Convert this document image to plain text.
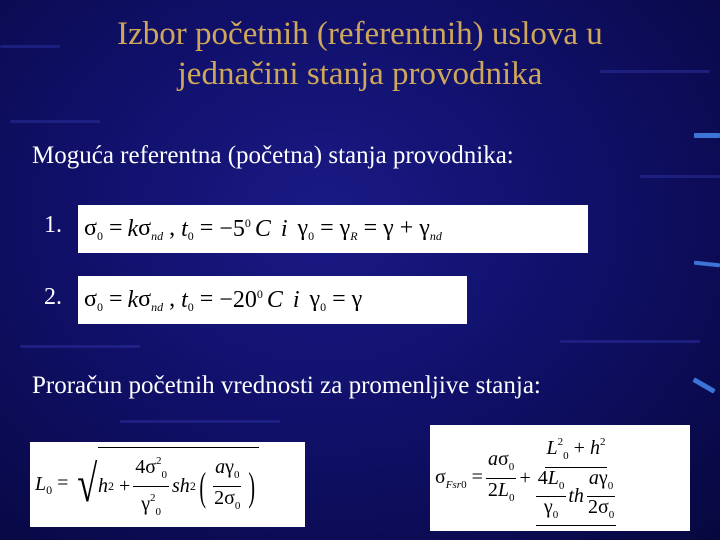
Izbor početnih (referentnih) uslova u
jednačini stanja provodnika
Moguća referentna (početna) stanja provodnika:
1. $\sigma_0 = k$ $\sigma_{nd}$ , t $_0$ = −5 $^0$ C i $\gamma_0 = \gamma_R = \gamma + \gamma_{nd}$
2. $\sigma_0 = k$ $\sigma_{nd}$ , t $_0$ = −20 $^0$ C i $\gamma_0 = \gamma$
Proračun početnih vrednosti za promenljive stanja:
L $_0$ = √ h $2 + \frac{4\sigma^2_0}{\gamma^2_0}$ sh 2 ( $\frac{a\gamma_0}{2\sigma_0}$ )	$\sigma_{Fsr0} = \frac{a\sigma_0}{2L_0} + \frac{L^2_0 + h^2}{\frac{4L_0}{\gamma_0} th \frac{a\gamma_0}{2\sigma_0}}$
